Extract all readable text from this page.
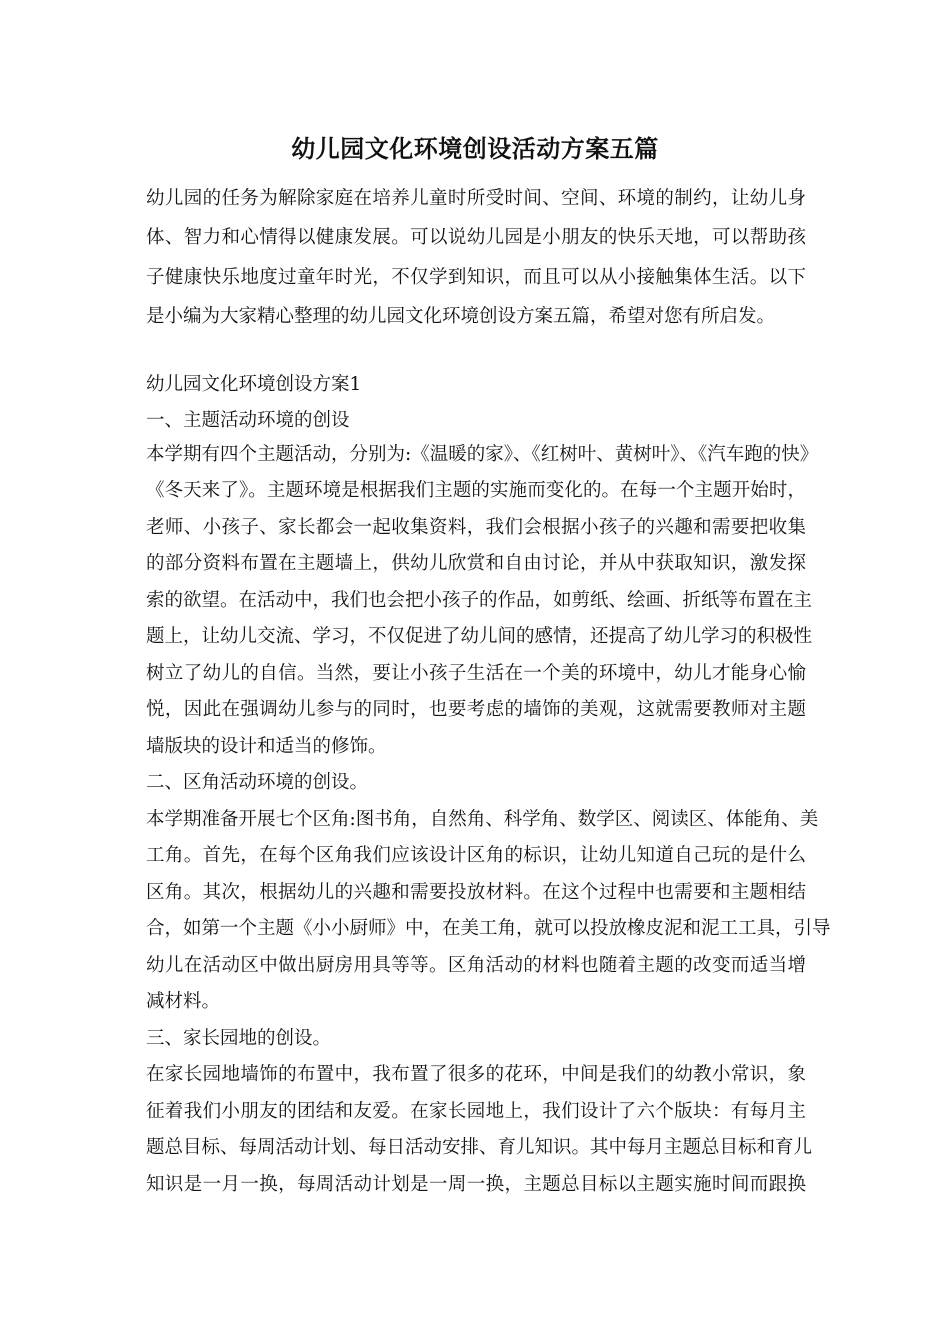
幼儿园文化环境创设活动方案五篇
幼儿园的任务为解除家庭在培养儿童时所受时间、空间、环境的制约，让幼儿身
体、智力和心情得以健康发展。可以说幼儿园是小朋友的快乐天地，可以帮助孩
子健康快乐地度过童年时光，不仅学到知识，而且可以从小接触集体生活。以下
是小编为大家精心整理的幼儿园文化环境创设方案五篇，希望对您有所启发。
幼儿园文化环境创设方案1
一、主题活动环境的创设
本学期有四个主题活动，分别为:《温暖的家》、《红树叶、黄树叶》、《汽车跑的快》
《冬天来了》。主题环境是根据我们主题的实施而变化的。在每一个主题开始时，
老师、小孩子、家长都会一起收集资料，我们会根据小孩子的兴趣和需要把收集
的部分资料布置在主题墙上，供幼儿欣赏和自由讨论，并从中获取知识，激发探
索的欲望。在活动中，我们也会把小孩子的作品，如剪纸、绘画、折纸等布置在主
题上，让幼儿交流、学习，不仅促进了幼儿间的感情，还提高了幼儿学习的积极性
树立了幼儿的自信。当然，要让小孩子生活在一个美的环境中，幼儿才能身心愉
悦，因此在强调幼儿参与的同时，也要考虑的墙饰的美观，这就需要教师对主题
墙版块的设计和适当的修饰。
二、区角活动环境的创设。
本学期准备开展七个区角:图书角，自然角、科学角、数学区、阅读区、体能角、美
工角。首先，在每个区角我们应该设计区角的标识，让幼儿知道自己玩的是什么
区角。其次，根据幼儿的兴趣和需要投放材料。在这个过程中也需要和主题相结
合，如第一个主题《小小厨师》中，在美工角，就可以投放橡皮泥和泥工工具，引导
幼儿在活动区中做出厨房用具等等。区角活动的材料也随着主题的改变而适当增
减材料。
三、家长园地的创设。
在家长园地墙饰的布置中，我布置了很多的花环，中间是我们的幼教小常识，象
征着我们小朋友的团结和友爱。在家长园地上，我们设计了六个版块：有每月主
题总目标、每周活动计划、每日活动安排、育儿知识。其中每月主题总目标和育儿
知识是一月一换，每周活动计划是一周一换，主题总目标以主题实施时间而跟换
